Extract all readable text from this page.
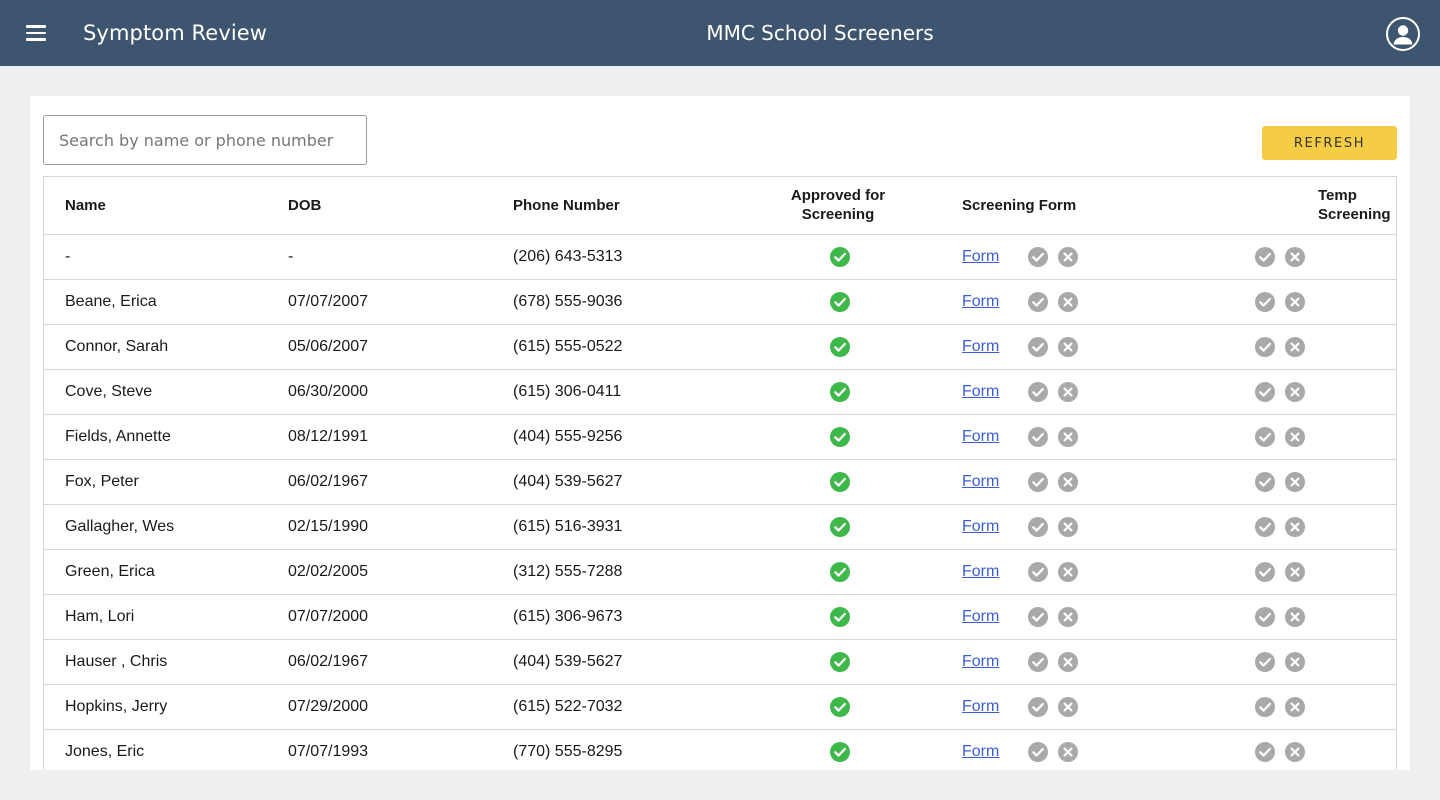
Symptom Review	MMC School Screeners
Search by name or phone number
REFRESH
Name	DOB	Phone Number	Approved for Screening	Screening Form	Temp Screening
-	-	(206) 643-5313		Form	
Beane, Erica	07/07/2007	(678) 555-9036		Form	
Connor, Sarah	05/06/2007	(615) 555-0522		Form	
Cove, Steve	06/30/2000	(615) 306-0411		Form	
Fields, Annette	08/12/1991	(404) 555-9256		Form	
Fox, Peter	06/02/1967	(404) 539-5627		Form	
Gallagher, Wes	02/15/1990	(615) 516-3931		Form	
Green, Erica	02/02/2005	(312) 555-7288		Form	
Ham, Lori	07/07/2000	(615) 306-9673		Form	
Hauser , Chris	06/02/1967	(404) 539-5627		Form	
Hopkins, Jerry	07/29/2000	(615) 522-7032		Form	
Jones, Eric	07/07/1993	(770) 555-8295		Form	
